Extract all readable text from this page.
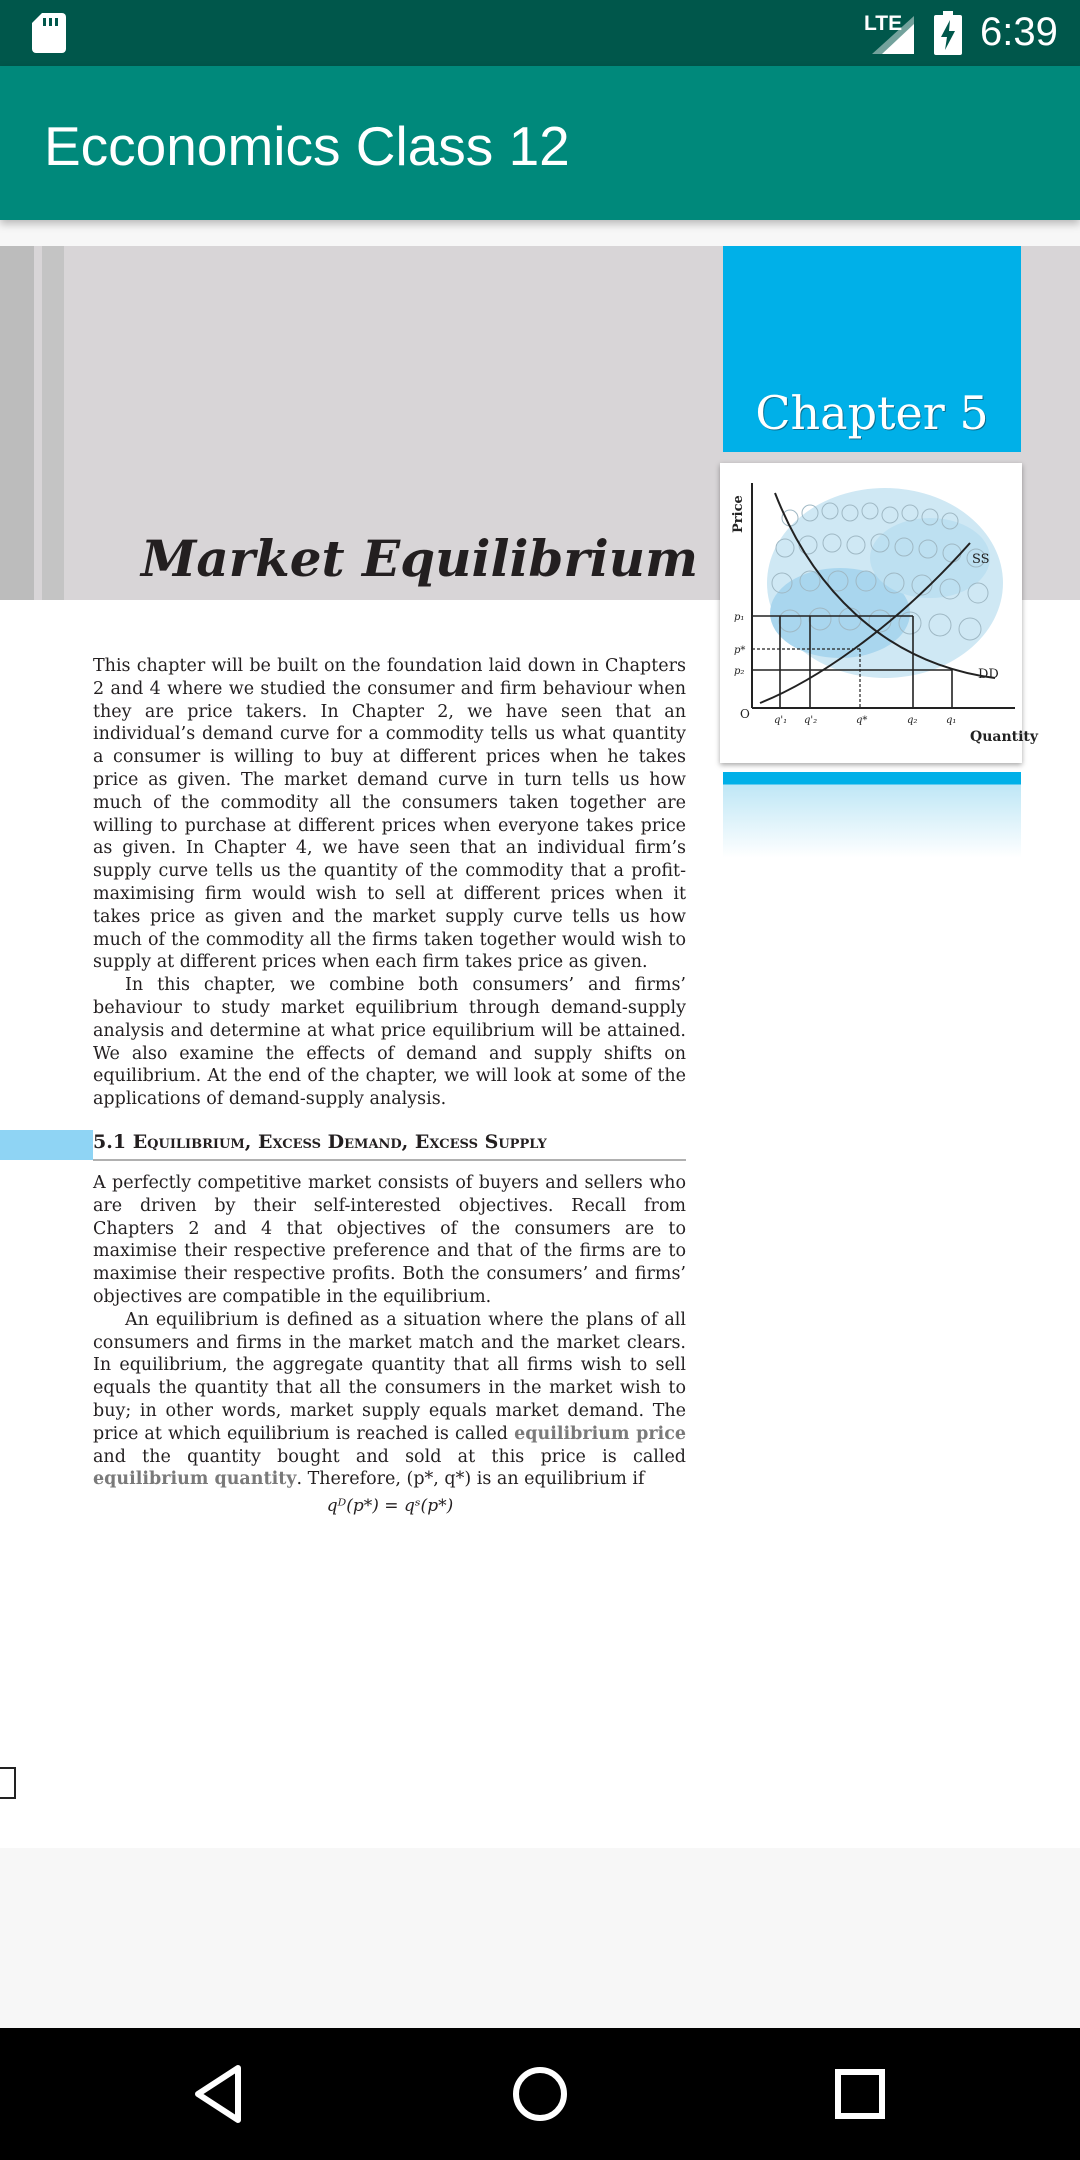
LTE 6:39
Ecconomics Class 12
Market Equilibrium
Chapter 5
Price
Quantity
SS
DD
O
p₁
p*
p₂
q'₁ q'₂	q*	q₂	q₁

This chapter will be built on the foundation laid down in Chapters 2 and 4 where we studied the consumer and firm behaviour when they are price takers. In Chapter 2, we have seen that an individual’s demand curve for a commodity tells us what quantity a consumer is willing to buy at different prices when he takes price as given. The market demand curve in turn tells us how much of the commodity all the consumers taken together are willing to purchase at different prices when everyone takes price as given. In Chapter 4, we have seen that an individual firm’s supply curve tells us the quantity of the commodity that a profit-maximising firm would wish to sell at different prices when it takes price as given and the market supply curve tells us how much of the commodity all the firms taken together would wish to supply at different prices when each firm takes price as given.

In this chapter, we combine both consumers’ and firms’ behaviour to study market equilibrium through demand-supply analysis and determine at what price equilibrium will be attained. We also examine the effects of demand and supply shifts on equilibrium. At the end of the chapter, we will look at some of the applications of demand-supply analysis.

5.1 Equilibrium, Excess Demand, Excess Supply

A perfectly competitive market consists of buyers and sellers who are driven by their self-interested objectives. Recall from Chapters 2 and 4 that objectives of the consumers are to maximise their respective preference and that of the firms are to maximise their respective profits. Both the consumers’ and firms’ objectives are compatible in the equilibrium.

An equilibrium is defined as a situation where the plans of all consumers and firms in the market match and the market clears. In equilibrium, the aggregate quantity that all firms wish to sell equals the quantity that all the consumers in the market wish to buy; in other words, market supply equals market demand. The price at which equilibrium is reached is called equilibrium price and the quantity bought and sold at this price is called equilibrium quantity. Therefore, (p*, q*) is an equilibrium if

qᴰ(p*) = qˢ(p*)
